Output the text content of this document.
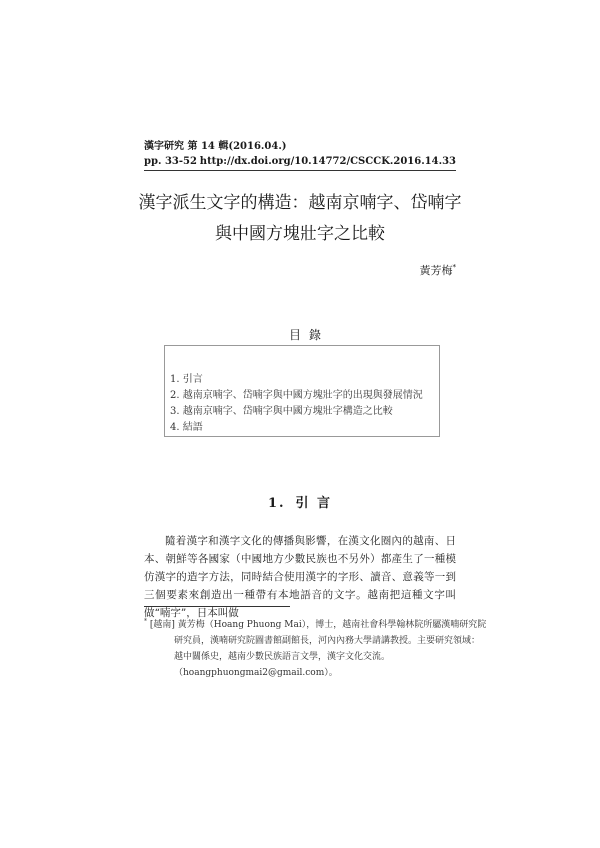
漢字研究 第 14 輯(2016.04.)
pp. 33-52 http://dx.doi.org/10.14772/CSCCK.2016.14.33
漢字派生文字的構造：越南京喃字、岱喃字
與中國方塊壯字之比較
黃芳梅*
目錄
1. 引言
2. 越南京喃字、岱喃字與中國方塊壯字的出現與發展情況
3. 越南京喃字、岱喃字與中國方塊壯字構造之比較
4. 結語
1. 引 言

隨着漢字和漢字文化的傳播與影響，在漢文化圈內的越南、日本、朝鮮等各國家（中國地方少數民族也不另外）都產生了一種模仿漢字的造字方法，同時結合使用漢字的字形、讀音、意義等一到三個要素來創造出一種帶有本地語音的文字。越南把這種文字叫做“喃字”，日本叫做

* [越南] 黃芳梅（Hoang Phuong Mai），博士，越南社會科學翰林院所屬漢喃研究院
研究員，漢喃研究院圖書館副館長，河內內務大學請講教授。主要研究領域：
越中關係史，越南少數民族語言文學，漢字文化交流。
（hoangphuongmai2@gmail.com）。
